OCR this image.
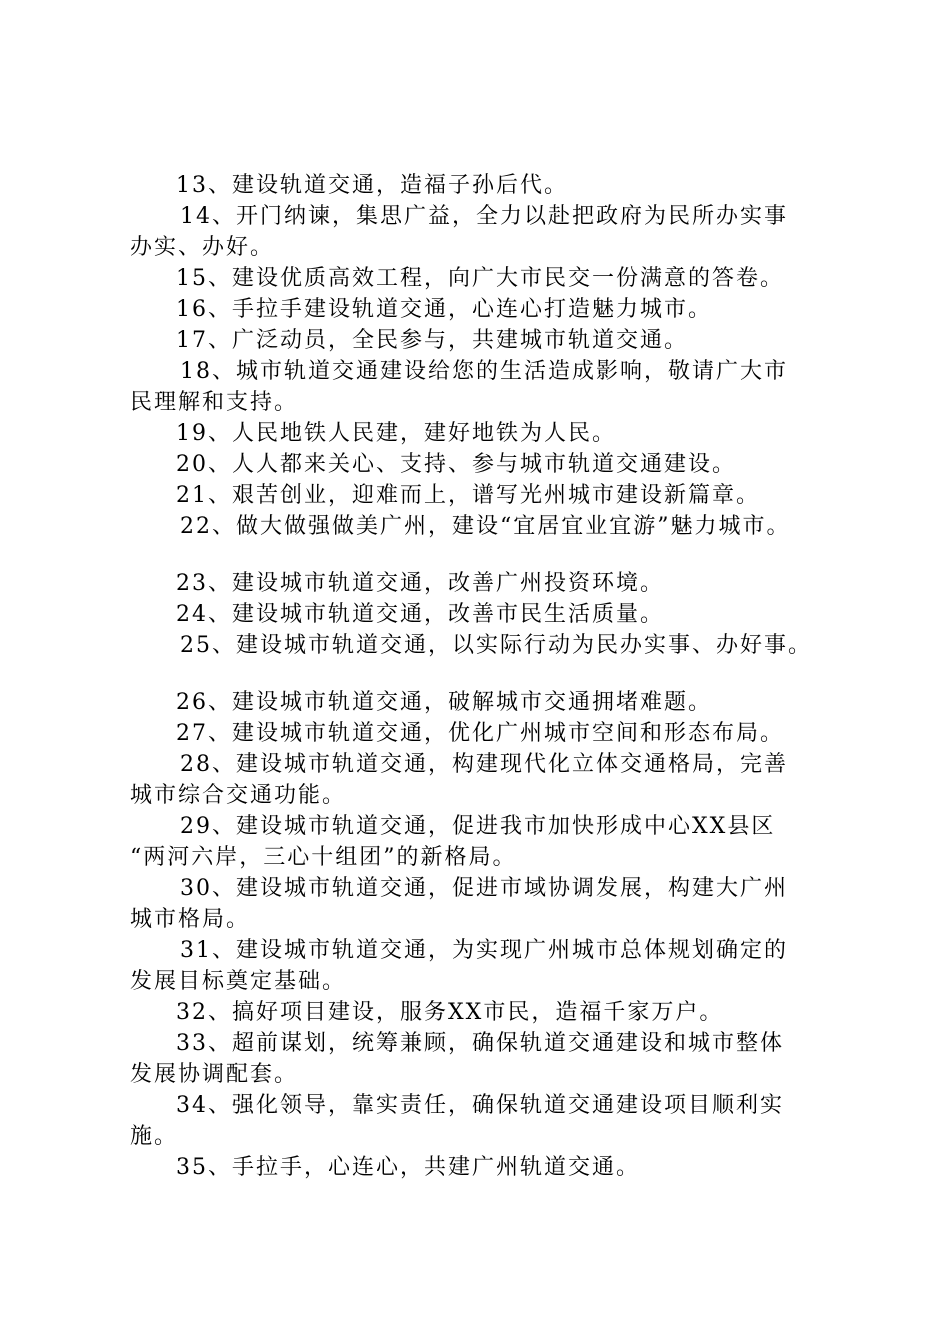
13、建设轨道交通，造福子孙后代。
14、开门纳谏，集思广益，全力以赴把政府为民所办实事
办实、办好。
15、建设优质高效工程，向广大市民交一份满意的答卷。
16、手拉手建设轨道交通，心连心打造魅力城市。
17、广泛动员，全民参与，共建城市轨道交通。
18、城市轨道交通建设给您的生活造成影响，敬请广大市
民理解和支持。
19、人民地铁人民建，建好地铁为人民。
20、人人都来关心、支持、参与城市轨道交通建设。
21、艰苦创业，迎难而上，谱写光州城市建设新篇章。
22、做大做强做美广州，建设“宜居宜业宜游”魅力城市。
23、建设城市轨道交通，改善广州投资环境。
24、建设城市轨道交通，改善市民生活质量。
25、建设城市轨道交通，以实际行动为民办实事、办好事。
26、建设城市轨道交通，破解城市交通拥堵难题。
27、建设城市轨道交通，优化广州城市空间和形态布局。
28、建设城市轨道交通，构建现代化立体交通格局，完善
城市综合交通功能。
29、建设城市轨道交通，促进我市加快形成中心XX县区
“两河六岸，三心十组团”的新格局。
30、建设城市轨道交通，促进市域协调发展，构建大广州
城市格局。
31、建设城市轨道交通，为实现广州城市总体规划确定的
发展目标奠定基础。
32、搞好项目建设，服务XX市民，造福千家万户。
33、超前谋划，统筹兼顾，确保轨道交通建设和城市整体
发展协调配套。
34、强化领导，靠实责任，确保轨道交通建设项目顺利实
施。
35、手拉手，心连心，共建广州轨道交通。
